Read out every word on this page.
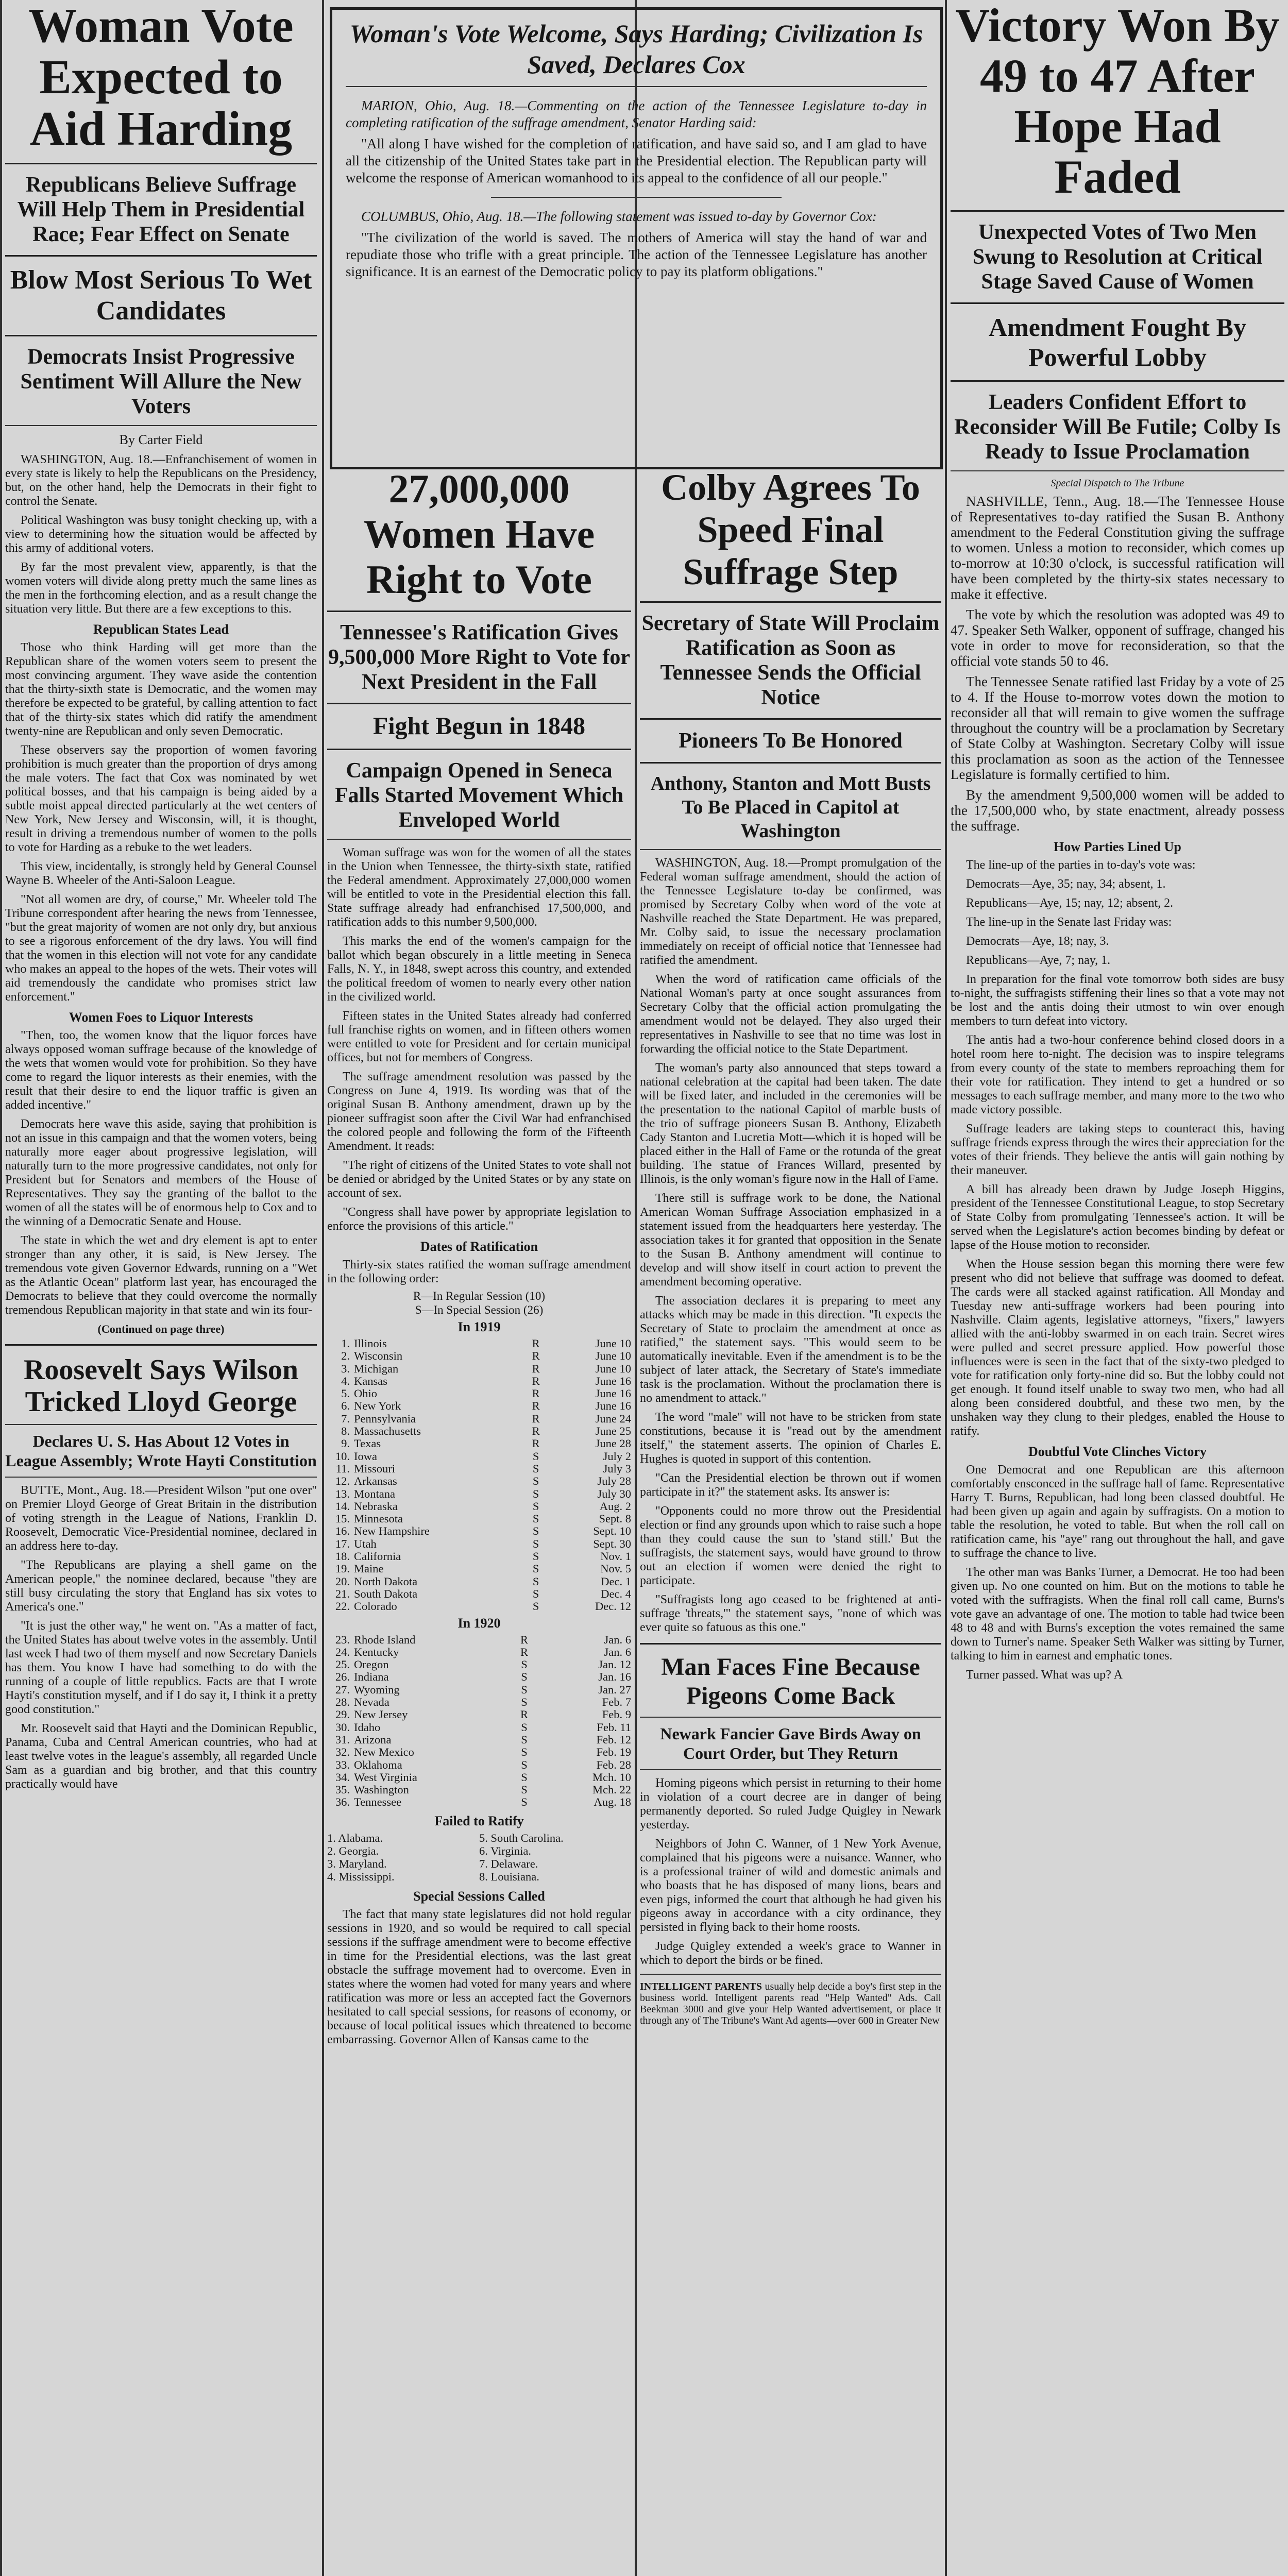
Woman Vote Expected to Aid Harding
Republicans Believe Suffrage Will Help Them in Presidential Race; Fear Effect on Senate
Blow Most Serious To Wet Candidates
Democrats Insist Progressive Sentiment Will Allure the New Voters
By Carter Field

WASHINGTON, Aug. 18.—Enfranchisement of women in every state is likely to help the Republicans on the Presidency, but, on the other hand, help the Democrats in their fight to control the Senate.

Political Washington was busy tonight checking up, with a view to determining how the situation would be affected by this army of additional voters.

By far the most prevalent view, apparently, is that the women voters will divide along pretty much the same lines as the men in the forthcoming election, and as a result change the situation very little. But there are a few exceptions to this.

Republican States Lead

Those who think Harding will get more than the Republican share of the women voters seem to present the most convincing argument. They wave aside the contention that the thirty-sixth state is Democratic, and the women may therefore be expected to be grateful, by calling attention to fact that of the thirty-six states which did ratify the amendment twenty-nine are Republican and only seven Democratic.

These observers say the proportion of women favoring prohibition is much greater than the proportion of drys among the male voters. The fact that Cox was nominated by wet political bosses, and that his campaign is being aided by a subtle moist appeal directed particularly at the wet centers of New York, New Jersey and Wisconsin, will, it is thought, result in driving a tremendous number of women to the polls to vote for Harding as a rebuke to the wet leaders.

This view, incidentally, is strongly held by General Counsel Wayne B. Wheeler of the Anti-Saloon League.

"Not all women are dry, of course," Mr. Wheeler told The Tribune correspondent after hearing the news from Tennessee, "but the great majority of women are not only dry, but anxious to see a rigorous enforcement of the dry laws. You will find that the women in this election will not vote for any candidate who makes an appeal to the hopes of the wets. Their votes will aid tremendously the candidate who promises strict law enforcement."

Women Foes to Liquor Interests

"Then, too, the women know that the liquor forces have always opposed woman suffrage because of the knowledge of the wets that women would vote for prohibition. So they have come to regard the liquor interests as their enemies, with the result that their desire to end the liquor traffic is given an added incentive."

Democrats here wave this aside, saying that prohibition is not an issue in this campaign and that the women voters, being naturally more eager about progressive legislation, will naturally turn to the more progressive candidates, not only for President but for Senators and members of the House of Representatives. They say the granting of the ballot to the women of all the states will be of enormous help to Cox and to the winning of a Democratic Senate and House.

The state in which the wet and dry element is apt to enter stronger than any other, it is said, is New Jersey. The tremendous vote given Governor Edwards, running on a "Wet as the Atlantic Ocean" platform last year, has encouraged the Democrats to believe that they could overcome the normally tremendous Republican majority in that state and win its four-

(Continued on page three)
Roosevelt Says Wilson Tricked Lloyd George
Declares U. S. Has About 12 Votes in League Assembly; Wrote Hayti Constitution

BUTTE, Mont., Aug. 18.—President Wilson "put one over" on Premier Lloyd George of Great Britain in the distribution of voting strength in the League of Nations, Franklin D. Roosevelt, Democratic Vice-Presidential nominee, declared in an address here to-day.

"The Republicans are playing a shell game on the American people," the nominee declared, because "they are still busy circulating the story that England has six votes to America's one."

"It is just the other way," he went on. "As a matter of fact, the United States has about twelve votes in the assembly. Until last week I had two of them myself and now Secretary Daniels has them. You know I have had something to do with the running of a couple of little republics. Facts are that I wrote Hayti's constitution myself, and if I do say it, I think it a pretty good constitution."

Mr. Roosevelt said that Hayti and the Dominican Republic, Panama, Cuba and Central American countries, who had at least twelve votes in the league's assembly, all regarded Uncle Sam as a guardian and big brother, and that this country practically would have

Woman's Vote Welcome, Says Harding; Civilization Is Saved, Declares Cox

MARION, Ohio, Aug. 18.—Commenting on the action of the Tennessee Legislature to-day in completing ratification of the suffrage amendment, Senator Harding said:

"All along I have wished for the completion of ratification, and have said so, and I am glad to have all the citizenship of the United States take part in the Presidential election. The Republican party will welcome the response of American womanhood to its appeal to the confidence of all our people."

COLUMBUS, Ohio, Aug. 18.—The following statement was issued to-day by Governor Cox:

"The civilization of the world is saved. The mothers of America will stay the hand of war and repudiate those who trifle with a great principle. The action of the Tennessee Legislature has another significance. It is an earnest of the Democratic policy to pay its platform obligations."

27,000,000 Women Have Right to Vote
Tennessee's Ratification Gives 9,500,000 More Right to Vote for Next President in the Fall
Fight Begun in 1848
Campaign Opened in Seneca Falls Started Movement Which Enveloped World

Woman suffrage was won for the women of all the states in the Union when Tennessee, the thirty-sixth state, ratified the Federal amendment. Approximately 27,000,000 women will be entitled to vote in the Presidential election this fall. State suffrage already had enfranchised 17,500,000, and ratification adds to this number 9,500,000.

This marks the end of the women's campaign for the ballot which began obscurely in a little meeting in Seneca Falls, N. Y., in 1848, swept across this country, and extended the political freedom of women to nearly every other nation in the civilized world.

Fifteen states in the United States already had conferred full franchise rights on women, and in fifteen others women were entitled to vote for President and for certain municipal offices, but not for members of Congress.

The suffrage amendment resolution was passed by the Congress on June 4, 1919. Its wording was that of the original Susan B. Anthony amendment, drawn up by the pioneer suffragist soon after the Civil War had enfranchised the colored people and following the form of the Fifteenth Amendment. It reads:

"The right of citizens of the United States to vote shall not be denied or abridged by the United States or by any state on account of sex.

"Congress shall have power by appropriate legislation to enforce the provisions of this article."

Dates of Ratification

Thirty-six states ratified the woman suffrage amendment in the following order:

R—In Regular Session (10)
S—In Special Session (26)
In 1919
1.	Illinois	R	June 10
2.	Wisconsin	R	June 10
3.	Michigan	R	June 10
4.	Kansas	R	June 16
5.	Ohio	R	June 16
6.	New York	R	June 16
7.	Pennsylvania	R	June 24
8.	Massachusetts	R	June 25
9.	Texas	R	June 28
10.	Iowa	S	July 2
11.	Missouri	S	July 3
12.	Arkansas	S	July 28
13.	Montana	S	July 30
14.	Nebraska	S	Aug. 2
15.	Minnesota	S	Sept. 8
16.	New Hampshire	S	Sept. 10
17.	Utah	S	Sept. 30
18.	California	S	Nov. 1
19.	Maine	S	Nov. 5
20.	North Dakota	S	Dec. 1
21.	South Dakota	S	Dec. 4
22.	Colorado	S	Dec. 12
In 1920
23.	Rhode Island	R	Jan. 6
24.	Kentucky	R	Jan. 6
25.	Oregon	S	Jan. 12
26.	Indiana	S	Jan. 16
27.	Wyoming	S	Jan. 27
28.	Nevada	S	Feb. 7
29.	New Jersey	R	Feb. 9
30.	Idaho	S	Feb. 11
31.	Arizona	S	Feb. 12
32.	New Mexico	S	Feb. 19
33.	Oklahoma	S	Feb. 28
34.	West Virginia	S	Mch. 10
35.	Washington	S	Mch. 22
36.	Tennessee	S	Aug. 18
Failed to Ratify
1. Alabama.	5. South Carolina.
2. Georgia.	6. Virginia.
3. Maryland.	7. Delaware.
4. Mississippi.	8. Louisiana.
Special Sessions Called

The fact that many state legislatures did not hold regular sessions in 1920, and so would be required to call special sessions if the suffrage amendment were to become effective in time for the Presidential elections, was the last great obstacle the suffrage movement had to overcome. Even in states where the women had voted for many years and where ratification was more or less an accepted fact the Governors hesitated to call special sessions, for reasons of economy, or because of local political issues which threatened to become embarrassing. Governor Allen of Kansas came to the

Colby Agrees To Speed Final Suffrage Step
Secretary of State Will Proclaim Ratification as Soon as Tennessee Sends the Official Notice
Pioneers To Be Honored
Anthony, Stanton and Mott Busts To Be Placed in Capitol at Washington

WASHINGTON, Aug. 18.—Prompt promulgation of the Federal woman suffrage amendment, should the action of the Tennessee Legislature to-day be confirmed, was promised by Secretary Colby when word of the vote at Nashville reached the State Department. He was prepared, Mr. Colby said, to issue the necessary proclamation immediately on receipt of official notice that Tennessee had ratified the amendment.

When the word of ratification came officials of the National Woman's party at once sought assurances from Secretary Colby that the official action promulgating the amendment would not be delayed. They also urged their representatives in Nashville to see that no time was lost in forwarding the official notice to the State Department.

The woman's party also announced that steps toward a national celebration at the capital had been taken. The date will be fixed later, and included in the ceremonies will be the presentation to the national Capitol of marble busts of the trio of suffrage pioneers Susan B. Anthony, Elizabeth Cady Stanton and Lucretia Mott—which it is hoped will be placed either in the Hall of Fame or the rotunda of the great building. The statue of Frances Willard, presented by Illinois, is the only woman's figure now in the Hall of Fame.

There still is suffrage work to be done, the National American Woman Suffrage Association emphasized in a statement issued from the headquarters here yesterday. The association takes it for granted that opposition in the Senate to the Susan B. Anthony amendment will continue to develop and will show itself in court action to prevent the amendment becoming operative.

The association declares it is preparing to meet any attacks which may be made in this direction. "It expects the Secretary of State to proclaim the amendment at once as ratified," the statement says. "This would seem to be automatically inevitable. Even if the amendment is to be the subject of later attack, the Secretary of State's immediate task is the proclamation. Without the proclamation there is no amendment to attack."

The word "male" will not have to be stricken from state constitutions, because it is "read out by the amendment itself," the statement asserts. The opinion of Charles E. Hughes is quoted in support of this contention.

"Can the Presidential election be thrown out if women participate in it?" the statement asks. Its answer is:

"Opponents could no more throw out the Presidential election or find any grounds upon which to raise such a hope than they could cause the sun to 'stand still.' But the suffragists, the statement says, would have ground to throw out an election if women were denied the right to participate.

"Suffragists long ago ceased to be frightened at anti-suffrage 'threats,'" the statement says, "none of which was ever quite so fatuous as this one."

Man Faces Fine Because Pigeons Come Back
Newark Fancier Gave Birds Away on Court Order, but They Return

Homing pigeons which persist in returning to their home in violation of a court decree are in danger of being permanently deported. So ruled Judge Quigley in Newark yesterday.

Neighbors of John C. Wanner, of 1 New York Avenue, complained that his pigeons were a nuisance. Wanner, who is a professional trainer of wild and domestic animals and who boasts that he has disposed of many lions, bears and even pigs, informed the court that although he had given his pigeons away in accordance with a city ordinance, they persisted in flying back to their home roosts.

Judge Quigley extended a week's grace to Wanner in which to deport the birds or be fined.

INTELLIGENT PARENTS usually help decide a boy's first step in the business world. Intelligent parents read "Help Wanted" Ads. Call Beekman 3000 and give your Help Wanted advertisement, or place it through any of The Tribune's Want Ad agents—over 600 in Greater New

Victory Won By 49 to 47 After Hope Had Faded
Unexpected Votes of Two Men Swung to Resolution at Critical Stage Saved Cause of Women
Amendment Fought By Powerful Lobby
Leaders Confident Effort to Reconsider Will Be Futile; Colby Is Ready to Issue Proclamation
Special Dispatch to The Tribune

NASHVILLE, Tenn., Aug. 18.—The Tennessee House of Representatives to-day ratified the Susan B. Anthony amendment to the Federal Constitution giving the suffrage to women. Unless a motion to reconsider, which comes up to-morrow at 10:30 o'clock, is successful ratification will have been completed by the thirty-six states necessary to make it effective.

The vote by which the resolution was adopted was 49 to 47. Speaker Seth Walker, opponent of suffrage, changed his vote in order to move for reconsideration, so that the official vote stands 50 to 46.

The Tennessee Senate ratified last Friday by a vote of 25 to 4. If the House to-morrow votes down the motion to reconsider all that will remain to give women the suffrage throughout the country will be a proclamation by Secretary of State Colby at Washington. Secretary Colby will issue this proclamation as soon as the action of the Tennessee Legislature is formally certified to him.

By the amendment 9,500,000 women will be added to the 17,500,000 who, by state enactment, already possess the suffrage.

How Parties Lined Up

The line-up of the parties in to-day's vote was:

Democrats—Aye, 35; nay, 34; absent, 1.

Republicans—Aye, 15; nay, 12; absent, 2.

The line-up in the Senate last Friday was:

Democrats—Aye, 18; nay, 3.

Republicans—Aye, 7; nay, 1.

In preparation for the final vote tomorrow both sides are busy to-night, the suffragists stiffening their lines so that a vote may not be lost and the antis doing their utmost to win over enough members to turn defeat into victory.

The antis had a two-hour conference behind closed doors in a hotel room here to-night. The decision was to inspire telegrams from every county of the state to members reproaching them for their vote for ratification. They intend to get a hundred or so messages to each suffrage member, and many more to the two who made victory possible.

Suffrage leaders are taking steps to counteract this, having suffrage friends express through the wires their appreciation for the votes of their friends. They believe the antis will gain nothing by their maneuver.

A bill has already been drawn by Judge Joseph Higgins, president of the Tennessee Constitutional League, to stop Secretary of State Colby from promulgating Tennessee's action. It will be served when the Legislature's action becomes binding by defeat or lapse of the House motion to reconsider.

When the House session began this morning there were few present who did not believe that suffrage was doomed to defeat. The cards were all stacked against ratification. All Monday and Tuesday new anti-suffrage workers had been pouring into Nashville. Claim agents, legislative attorneys, "fixers," lawyers allied with the anti-lobby swarmed in on each train. Secret wires were pulled and secret pressure applied. How powerful those influences were is seen in the fact that of the sixty-two pledged to vote for ratification only forty-nine did so. But the lobby could not get enough. It found itself unable to sway two men, who had all along been considered doubtful, and these two men, by the unshaken way they clung to their pledges, enabled the House to ratify.

Doubtful Vote Clinches Victory

One Democrat and one Republican are this afternoon comfortably ensconced in the suffrage hall of fame. Representative Harry T. Burns, Republican, had long been classed doubtful. He had been given up again and again by suffragists. On a motion to table the resolution, he voted to table. But when the roll call on ratification came, his "aye" rang out throughout the hall, and gave to suffrage the chance to live.

The other man was Banks Turner, a Democrat. He too had been given up. No one counted on him. But on the motions to table he voted with the suffragists. When the final roll call came, Burns's vote gave an advantage of one. The motion to table had twice been 48 to 48 and with Burns's exception the votes remained the same down to Turner's name. Speaker Seth Walker was sitting by Turner, talking to him in earnest and emphatic tones.

Turner passed. What was up? A
